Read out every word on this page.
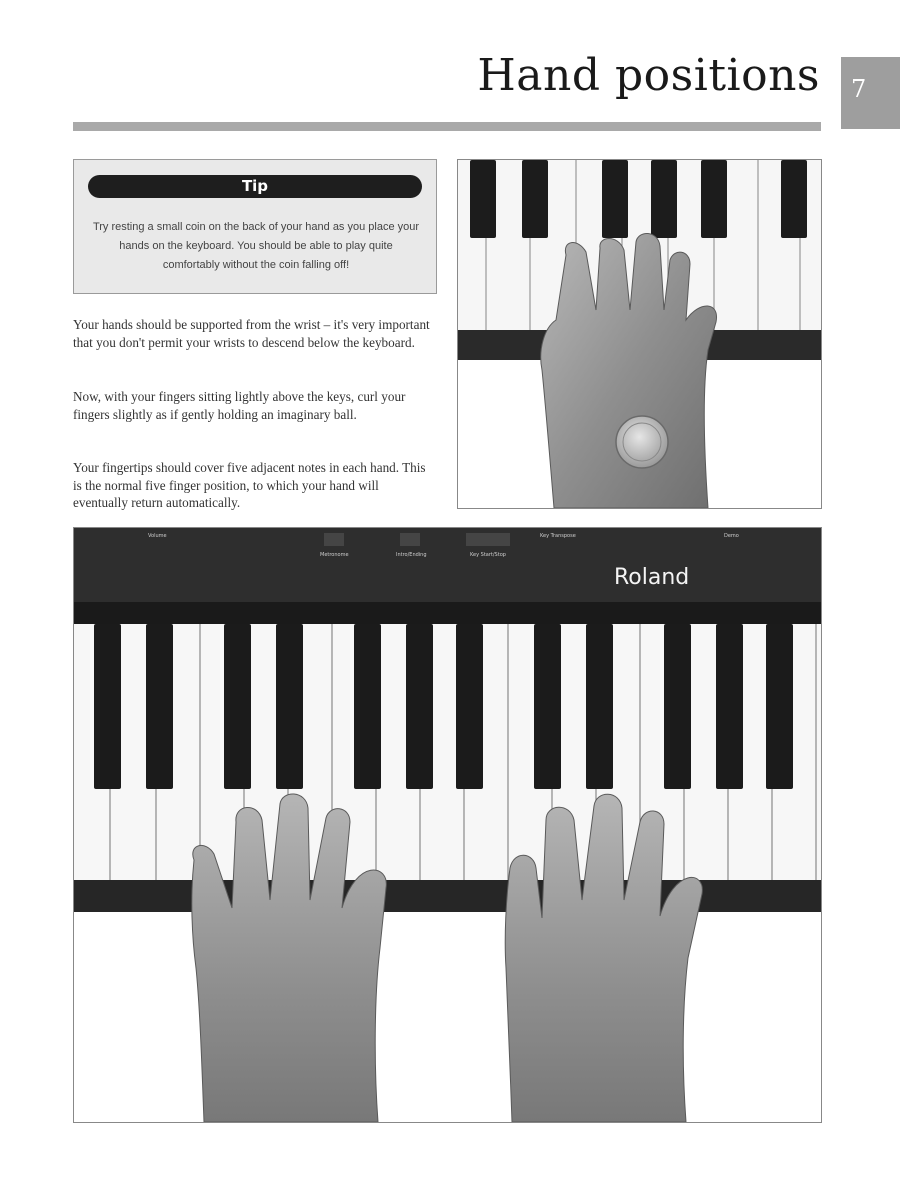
Hand positions	7
Tip
Try resting a small coin on the back of your hand as you place your hands on the keyboard. You should be able to play quite comfortably without the coin falling off!

Your hands should be supported from the wrist – it's very important that you don't permit your wrists to descend below the keyboard.

Now, with your fingers sitting lightly above the keys, curl your fingers slightly as if gently holding an imaginary ball.

Your fingertips should cover five adjacent notes in each hand. This is the normal five finger position, to which your hand will eventually return automatically.

Volume
Metronome	Intro/Ending	Key Start/Stop
Key Transpose	Demo
Roland
